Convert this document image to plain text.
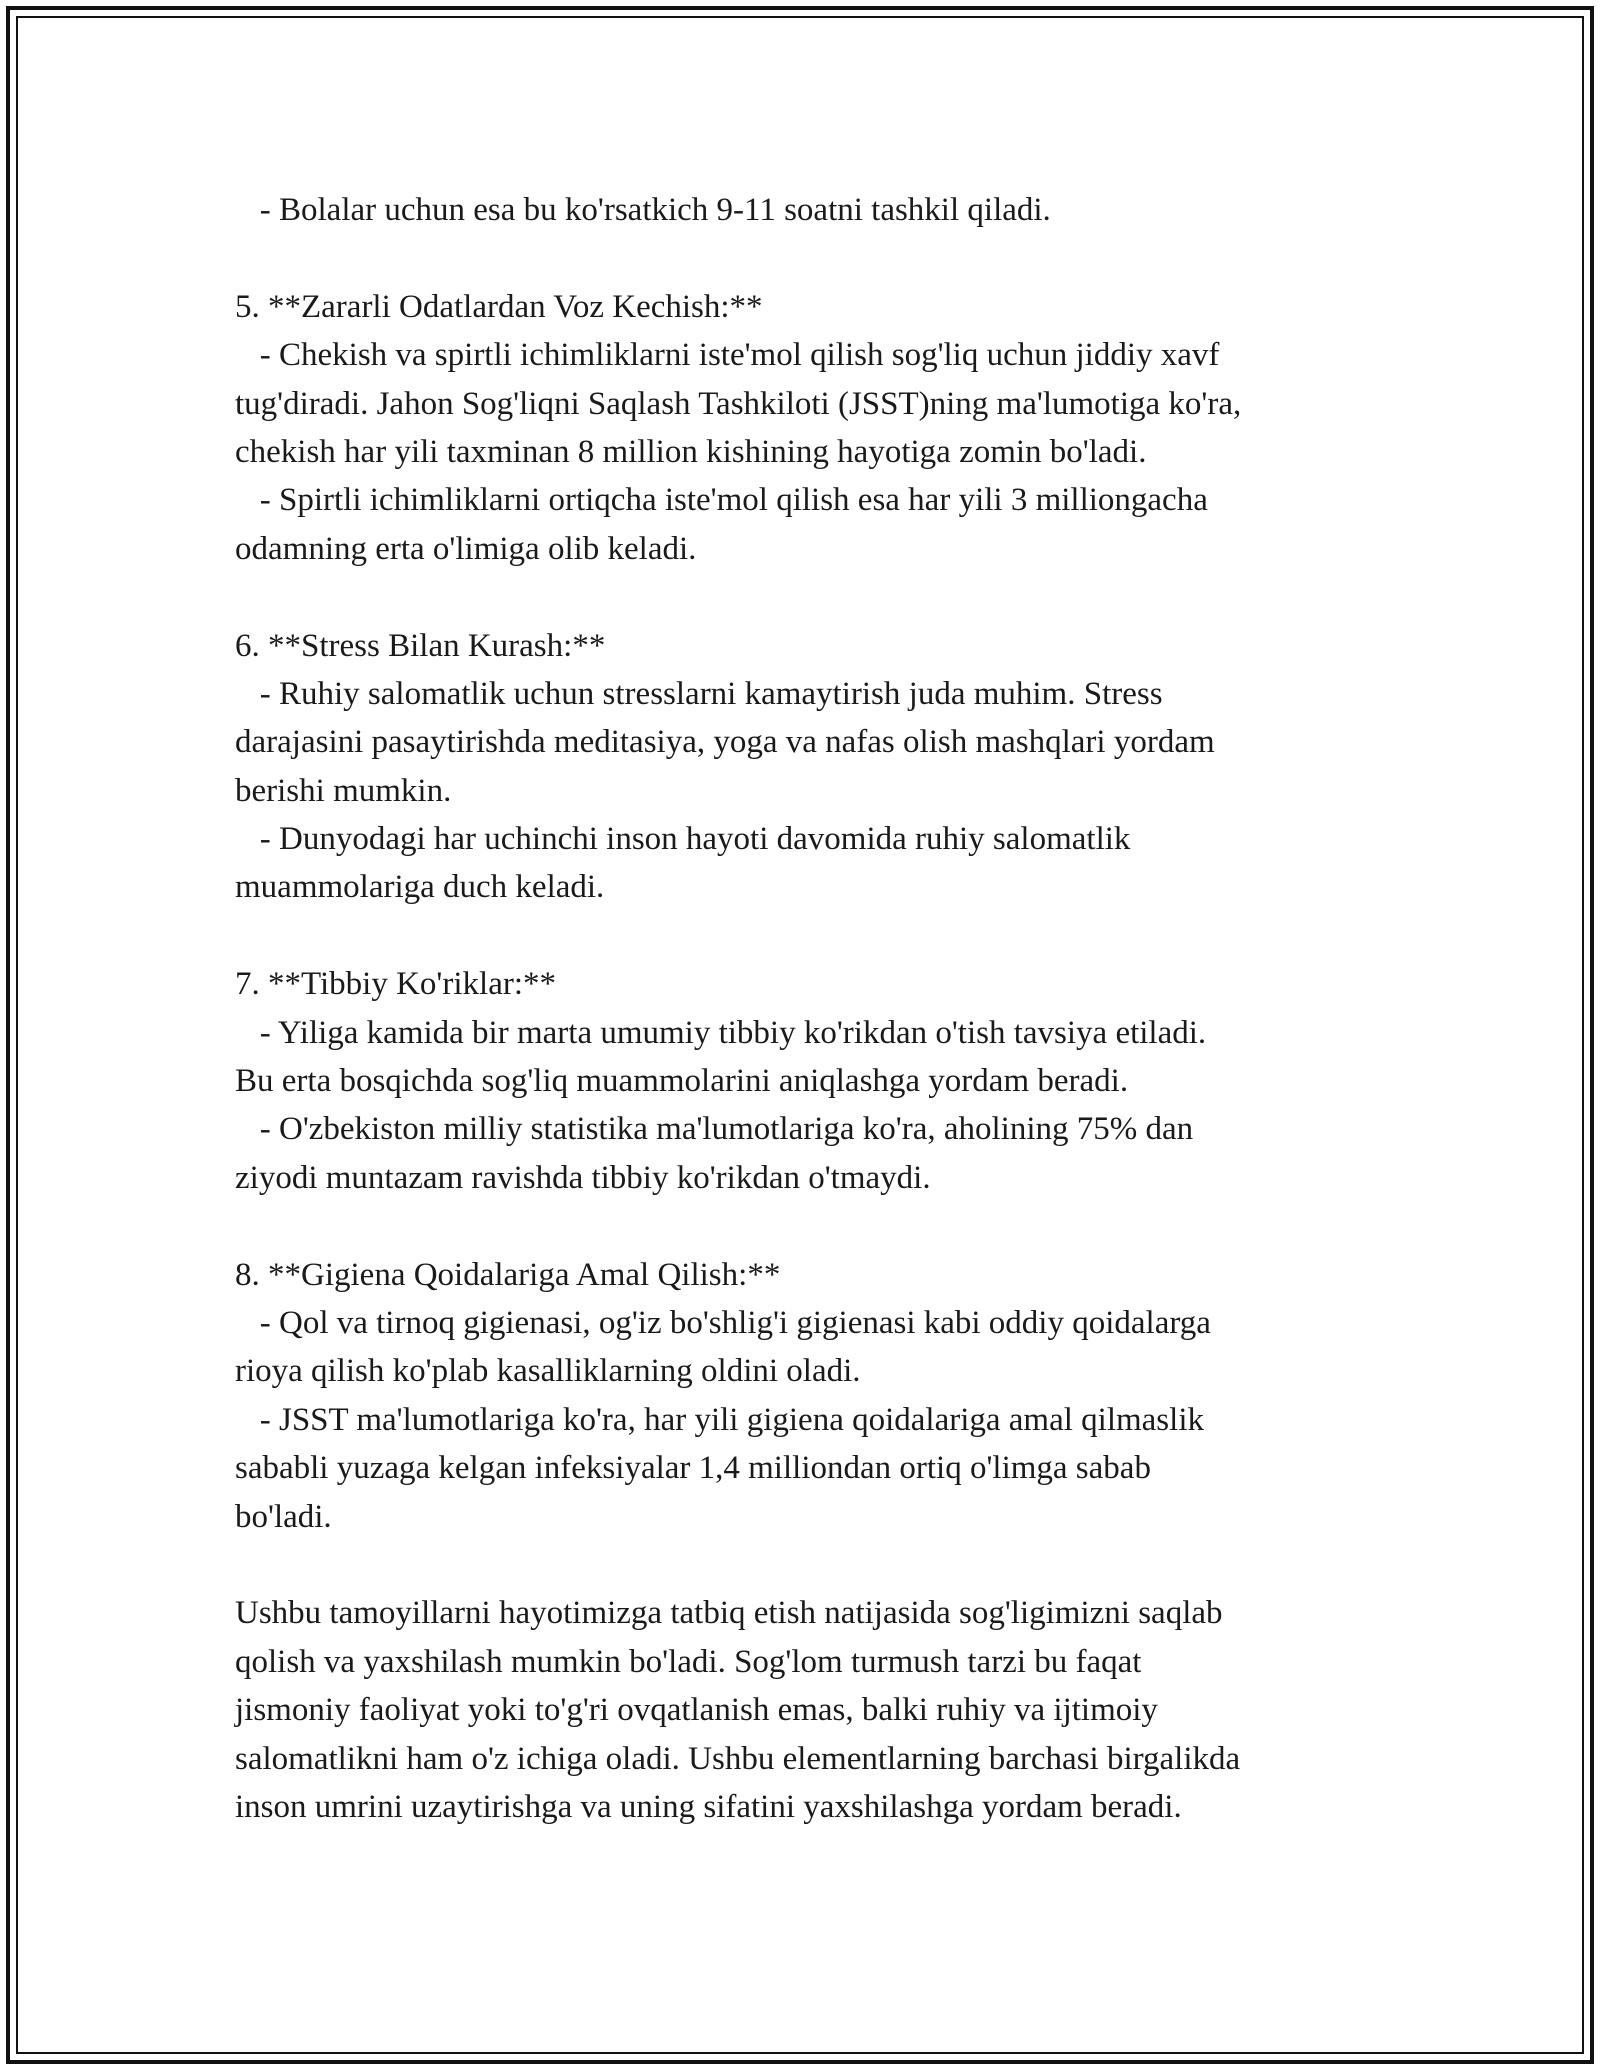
- Bolalar uchun esa bu ko'rsatkich 9-11 soatni tashkil qiladi.
5. **Zararli Odatlardan Voz Kechish:**
- Chekish va spirtli ichimliklarni iste'mol qilish sog'liq uchun jiddiy xavf
tug'diradi. Jahon Sog'liqni Saqlash Tashkiloti (JSST)ning ma'lumotiga ko'ra,
chekish har yili taxminan 8 million kishining hayotiga zomin bo'ladi.
- Spirtli ichimliklarni ortiqcha iste'mol qilish esa har yili 3 milliongacha
odamning erta o'limiga olib keladi.
6. **Stress Bilan Kurash:**
- Ruhiy salomatlik uchun stresslarni kamaytirish juda muhim. Stress
darajasini pasaytirishda meditasiya, yoga va nafas olish mashqlari yordam
berishi mumkin.
- Dunyodagi har uchinchi inson hayoti davomida ruhiy salomatlik
muammolariga duch keladi.
7. **Tibbiy Ko'riklar:**
- Yiliga kamida bir marta umumiy tibbiy ko'rikdan o'tish tavsiya etiladi.
Bu erta bosqichda sog'liq muammolarini aniqlashga yordam beradi.
- O'zbekiston milliy statistika ma'lumotlariga ko'ra, aholining 75% dan
ziyodi muntazam ravishda tibbiy ko'rikdan o'tmaydi.
8. **Gigiena Qoidalariga Amal Qilish:**
- Qol va tirnoq gigienasi, og'iz bo'shlig'i gigienasi kabi oddiy qoidalarga
rioya qilish ko'plab kasalliklarning oldini oladi.
- JSST ma'lumotlariga ko'ra, har yili gigiena qoidalariga amal qilmaslik
sababli yuzaga kelgan infeksiyalar 1,4 milliondan ortiq o'limga sabab
bo'ladi.
Ushbu tamoyillarni hayotimizga tatbiq etish natijasida sog'ligimizni saqlab
qolish va yaxshilash mumkin bo'ladi. Sog'lom turmush tarzi bu faqat
jismoniy faoliyat yoki to'g'ri ovqatlanish emas, balki ruhiy va ijtimoiy
salomatlikni ham o'z ichiga oladi. Ushbu elementlarning barchasi birgalikda
inson umrini uzaytirishga va uning sifatini yaxshilashga yordam beradi.
